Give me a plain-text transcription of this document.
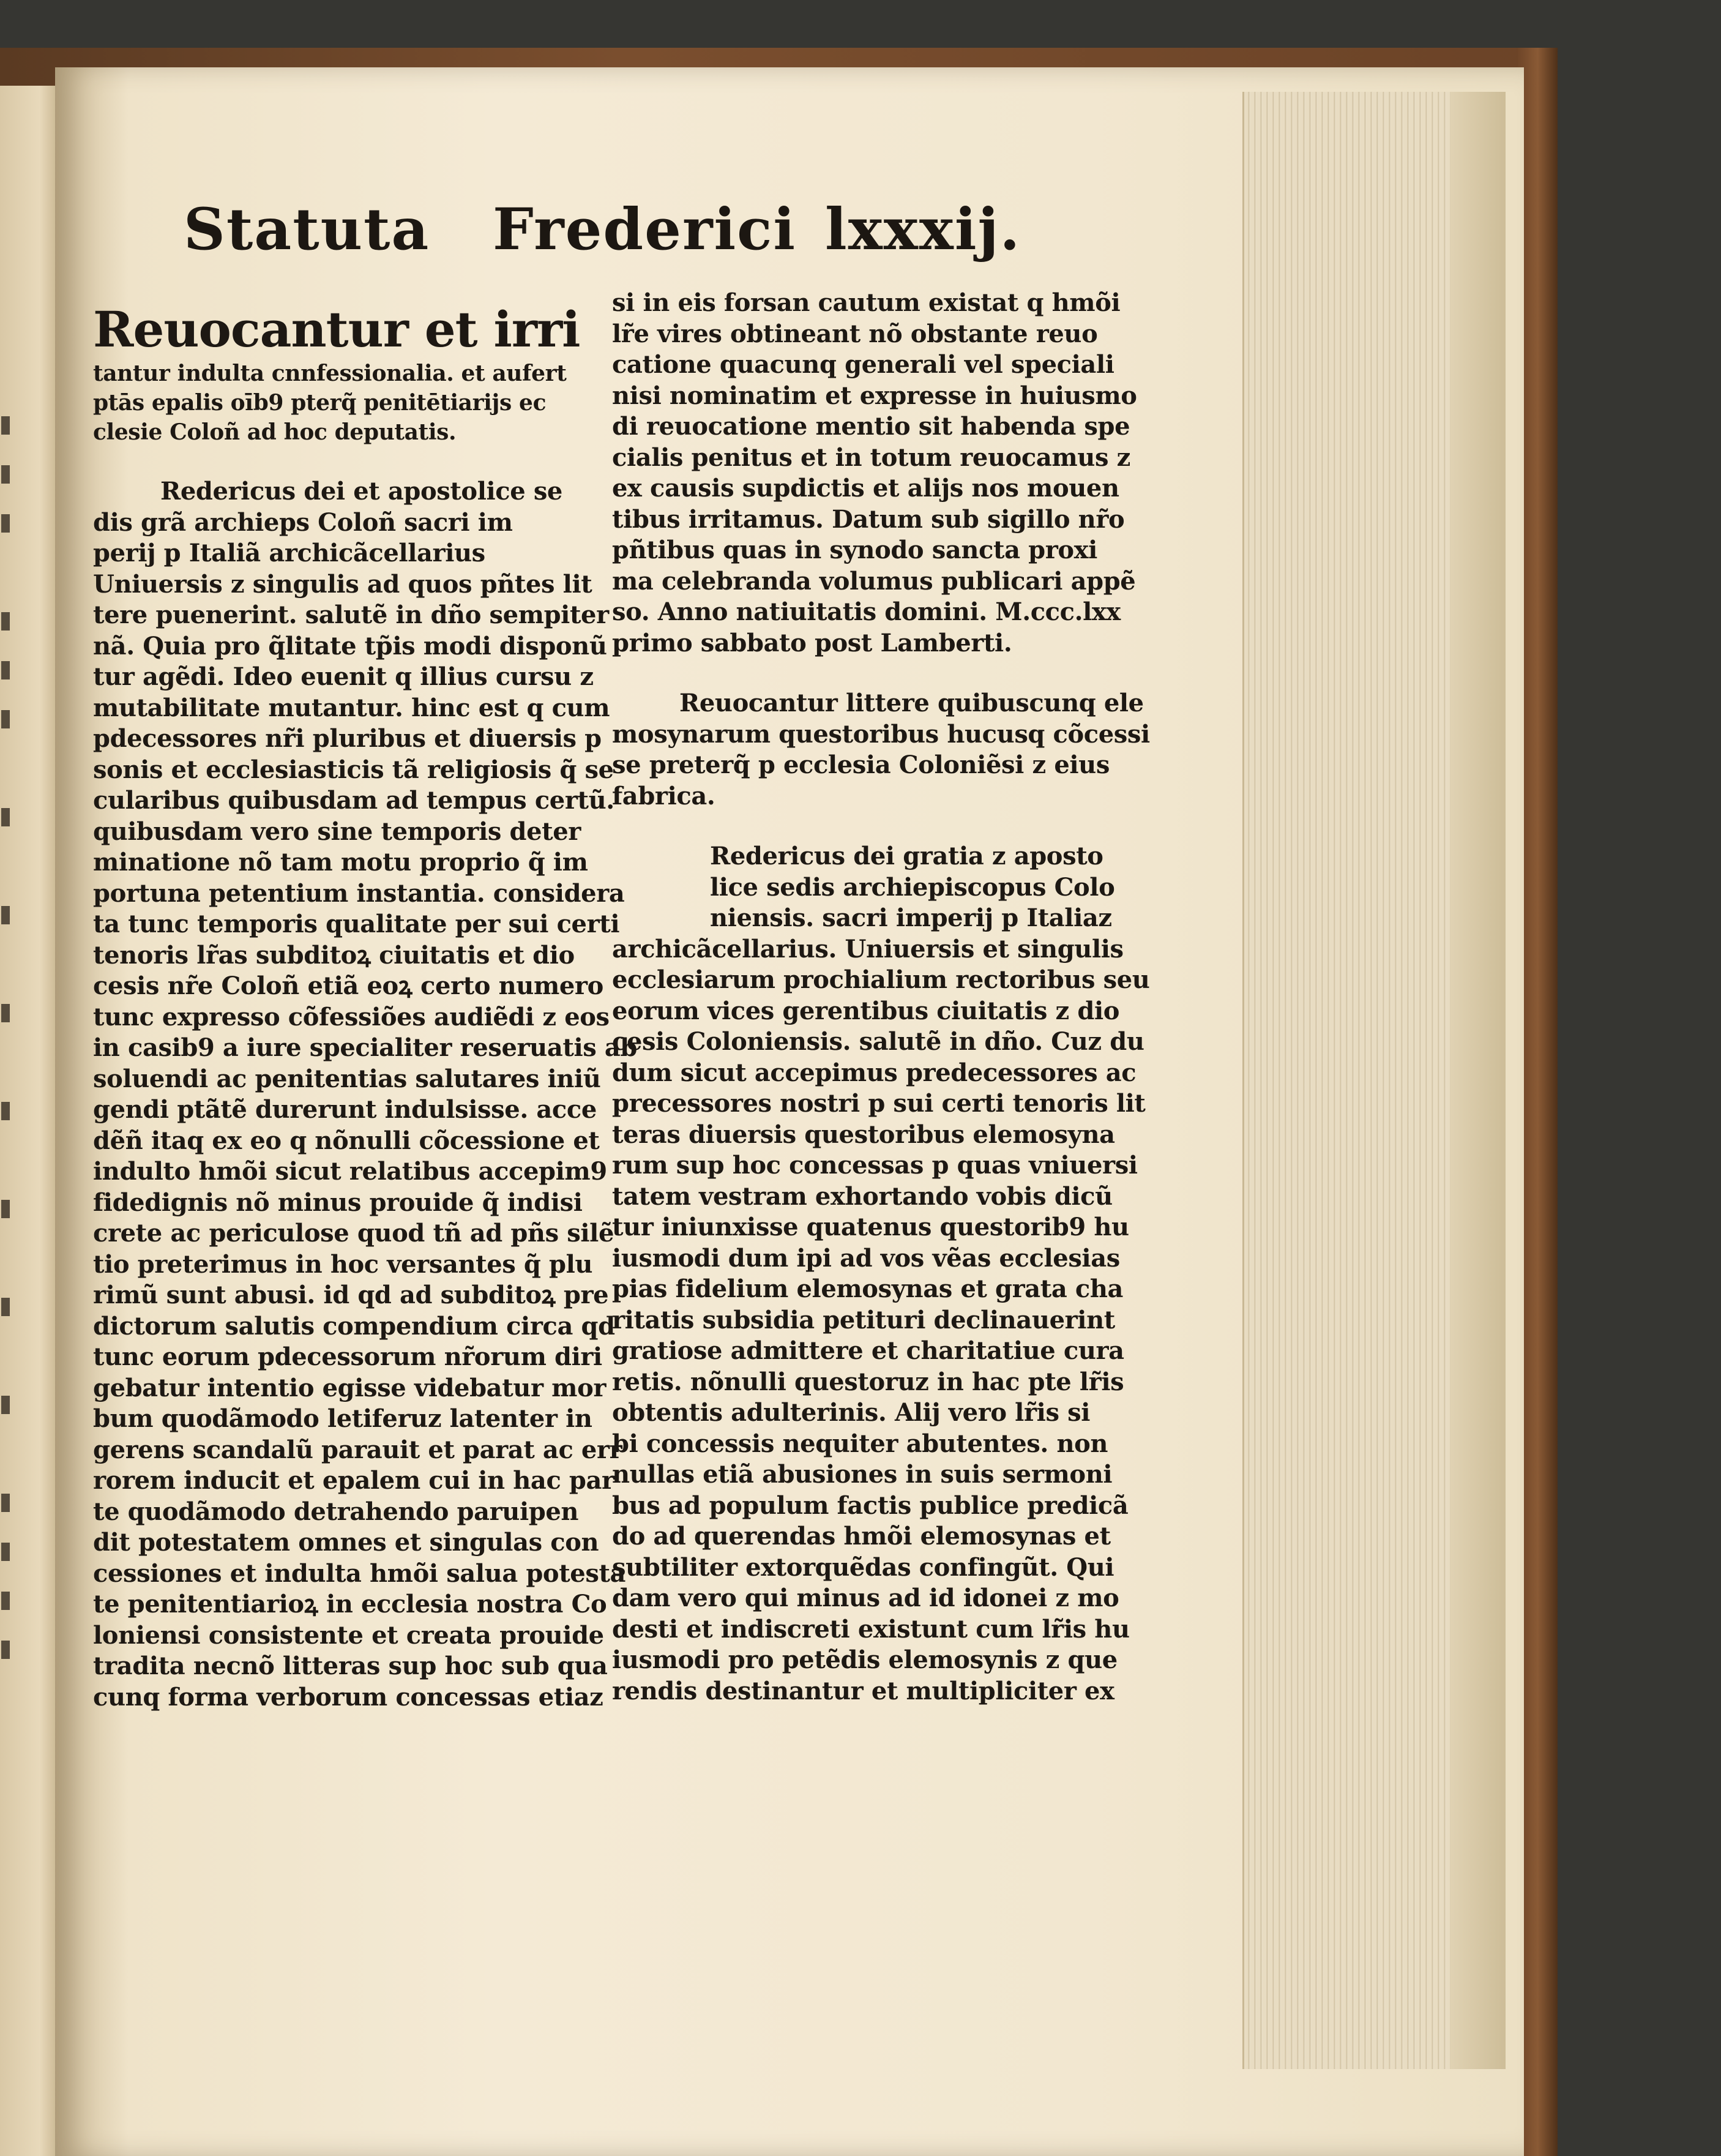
Statuta Frederici lxxxij.
Reuocantur et irri
tantur indulta cnnfessionalia. et aufert
ptās epalis oīb9 pterq̃ penitētiarijs ec
clesie Coloñ ad hoc deputatis.
Redericus dei et apostolice se
dis grã archieps Coloñ sacri im
perij p Italiã archicãcellarius
Uniuersis z singulis ad quos pñtes lit
tere puenerint. salutẽ in dño sempiter
nã. Quia pro q̃litate tp̃is modi disponũ
tur agẽdi. Ideo euenit q illius cursu z
mutabilitate mutantur. hinc est q cum
pdecessores nr̃i pluribus et diuersis p
sonis et ecclesiasticis tã religiosis q̃ se
cularibus quibusdam ad tempus certũ.
quibusdam vero sine temporis deter
minatione nõ tam motu proprio q̃ im
portuna petentium instantia. considera
ta tunc temporis qualitate per sui certi
tenoris lr̃as subditoꝝ ciuitatis et dio
cesis nr̃e Coloñ etiã eoꝝ certo numero
tunc expresso cõfessiões audiẽdi z eos
in casib9 a iure specialiter reseruatis ab
soluendi ac penitentias salutares iniũ
gendi ptãtẽ durerunt indulsisse. acce
dẽñ itaq ex eo q nõnulli cõcessione et
indulto hmõi sicut relatibus accepim9
fidedignis nõ minus prouide q̃ indisi
crete ac periculose quod tñ ad pñs silẽ
tio preterimus in hoc versantes q̃ plu
rimũ sunt abusi. id qd ad subditoꝝ pre
dictorum salutis compendium circa qd
tunc eorum pdecessorum nr̃orum diri
gebatur intentio egisse videbatur mor
bum quodãmodo letiferuz latenter in
gerens scandalũ parauit et parat ac err
rorem inducit et epalem cui in hac par
te quodãmodo detrahendo paruipen
dit potestatem omnes et singulas con
cessiones et indulta hmõi salua potesta
te penitentiarioꝝ in ecclesia nostra Co
loniensi consistente et creata prouide
tradita necnõ litteras sup hoc sub qua
cunq forma verborum concessas etiaz
si in eis forsan cautum existat q hmõi
lr̃e vires obtineant nõ obstante reuo
catione quacunq generali vel speciali
nisi nominatim et expresse in huiusmo
di reuocatione mentio sit habenda spe
cialis penitus et in totum reuocamus z
ex causis supdictis et alijs nos mouen
tibus irritamus. Datum sub sigillo nr̃o
pñtibus quas in synodo sancta proxi
ma celebranda volumus publicari appẽ
so. Anno natiuitatis domini. M.ccc.lxx
primo sabbato post Lamberti.
Reuocantur littere quibuscunq ele
mosynarum questoribus hucusq cõcessi
se preterq̃ p ecclesia Coloniẽsi z eius
fabrica.
Redericus dei gratia z aposto
lice sedis archiepiscopus Colo
niensis. sacri imperij p Italiaz
archicãcellarius. Uniuersis et singulis
ecclesiarum prochialium rectoribus seu
eorum vices gerentibus ciuitatis z dio
cesis Coloniensis. salutẽ in dño. Cuz du
dum sicut accepimus predecessores ac
precessores nostri p sui certi tenoris lit
teras diuersis questoribus elemosyna
rum sup hoc concessas p quas vniuersi
tatem vestram exhortando vobis dicũ
tur iniunxisse quatenus questorib9 hu
iusmodi dum ipi ad vos vẽas ecclesias
pias fidelium elemosynas et grata cha
ritatis subsidia petituri declinauerint
gratiose admittere et charitatiue cura
retis. nõnulli questoruz in hac pte lr̃is
obtentis adulterinis. Alij vero lr̃is si
bi concessis nequiter abutentes. non
nullas etiã abusiones in suis sermoni
bus ad populum factis publice predicã
do ad querendas hmõi elemosynas et
subtiliter extorquẽdas confingũt. Qui
dam vero qui minus ad id idonei z mo
desti et indiscreti existunt cum lr̃is hu
iusmodi pro petẽdis elemosynis z que
rendis destinantur et multipliciter ex
